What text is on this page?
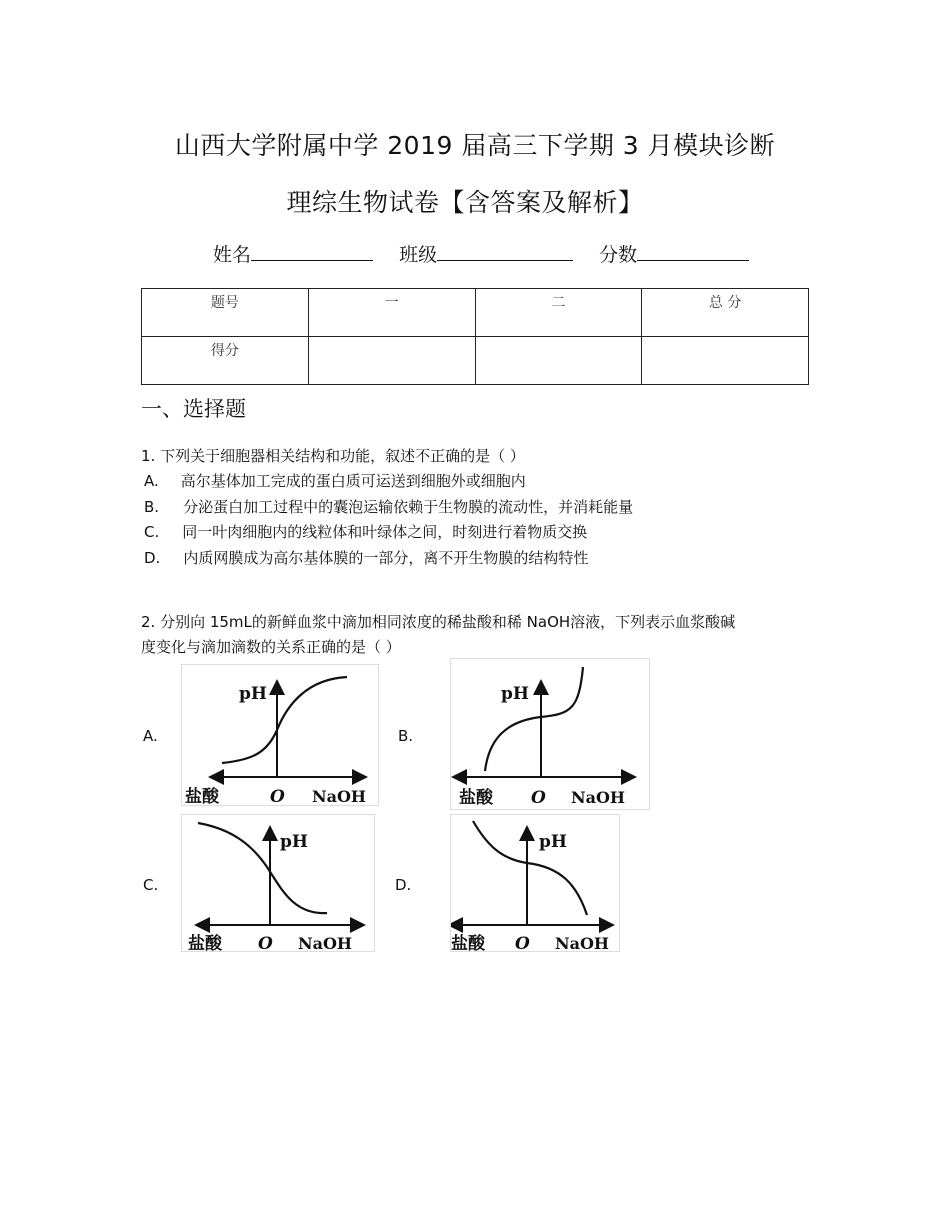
山西大学附属中学 2019 届高三下学期 3 月模块诊断
理综生物试卷【含答案及解析】
姓名	班级	分数
题号	一	二	总 分
得分			
一、选择题
1. 下列关于细胞器相关结构和功能，叙述不正确的是（ ）
A. 高尔基体加工完成的蛋白质可运送到细胞外或细胞内
B. 分泌蛋白加工过程中的囊泡运输依赖于生物膜的流动性，并消耗能量
C. 同一叶肉细胞内的线粒体和叶绿体之间，时刻进行着物质交换
D. 内质网膜成为高尔基体膜的一部分，离不开生物膜的结构特性
2. 分别向 15mL的新鲜血浆中滴加相同浓度的稀盐酸和稀 NaOH溶液，下列表示血浆酸碱
度变化与滴加滴数的关系正确的是（ ）
A.	B.
C.	D.
pH
盐酸	O NaOH
pH
盐酸 O NaOH
pH
盐酸 O NaOH
pH
盐酸 O NaOH
